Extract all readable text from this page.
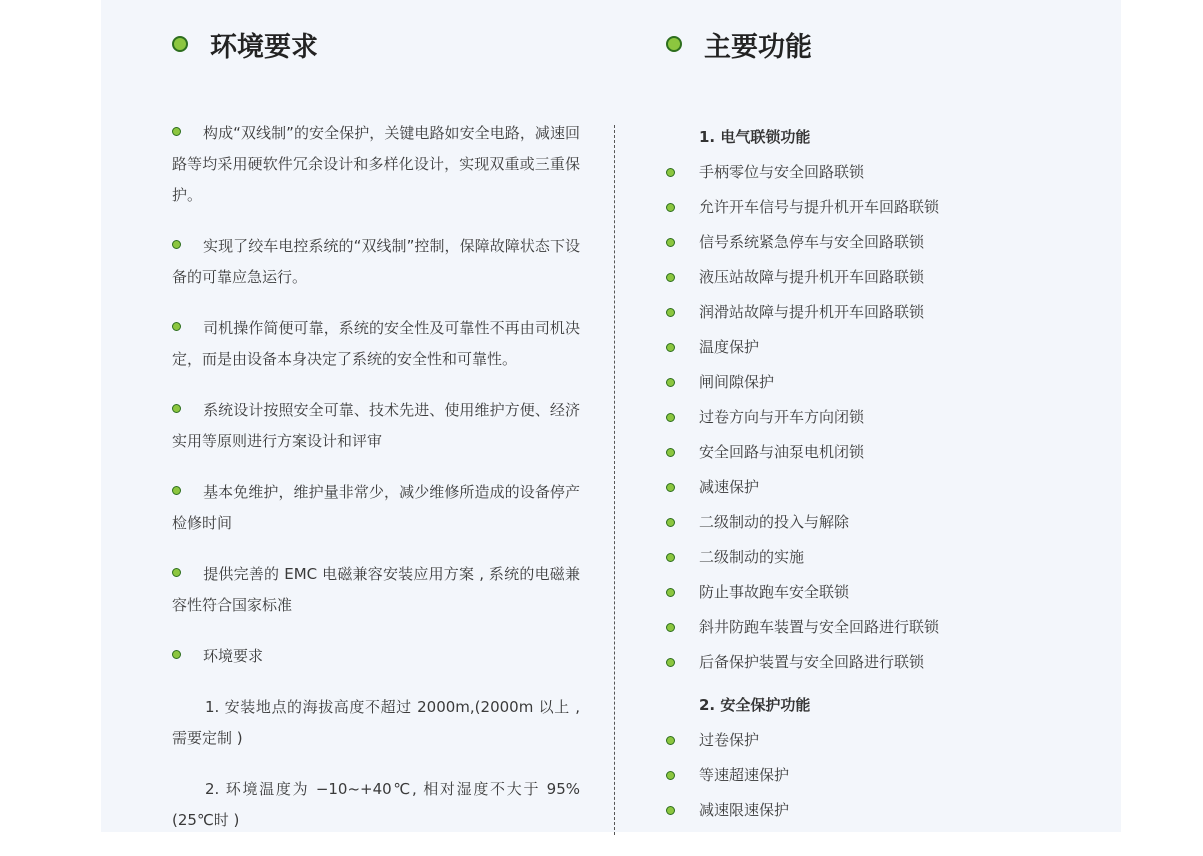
环境要求	主要功能

构成“双线制”的安全保护，关键电路如安全电路，减速回路等均采用硬软件冗余设计和多样化设计，实现双重或三重保护。

实现了绞车电控系统的“双线制”控制，保障故障状态下设备的可靠应急运行。

司机操作简便可靠，系统的安全性及可靠性不再由司机决定，而是由设备本身决定了系统的安全性和可靠性。

系统设计按照安全可靠、技术先进、使用维护方便、经济实用等原则进行方案设计和评审

基本免维护，维护量非常少，减少维修所造成的设备停产检修时间

提供完善的 EMC 电磁兼容安装应用方案 , 系统的电磁兼容性符合国家标准

环境要求

1. 安装地点的海拔高度不超过 2000m,(2000m 以上 , 需要定制 )

2. 环境温度为 −10~+40℃, 相对湿度不大于 95%(25℃时 )

1. 电气联锁功能
手柄零位与安全回路联锁
允许开车信号与提升机开车回路联锁
信号系统紧急停车与安全回路联锁
液压站故障与提升机开车回路联锁
润滑站故障与提升机开车回路联锁
温度保护
闸间隙保护
过卷方向与开车方向闭锁
安全回路与油泵电机闭锁
减速保护
二级制动的投入与解除
二级制动的实施
防止事故跑车安全联锁
斜井防跑车装置与安全回路进行联锁
后备保护装置与安全回路进行联锁
2. 安全保护功能
过卷保护
等速超速保护
减速限速保护
